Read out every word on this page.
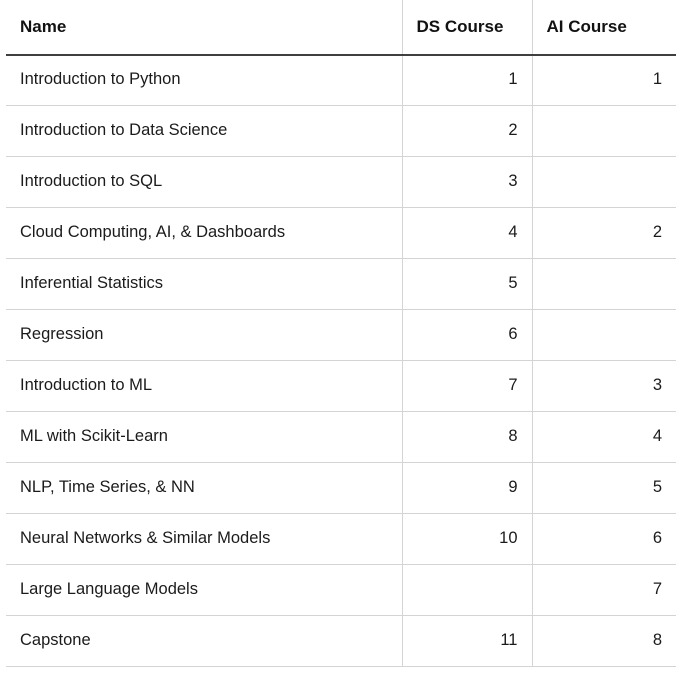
Name	DS Course	AI Course
Introduction to Python	1	1
Introduction to Data Science	2	
Introduction to SQL	3	
Cloud Computing, AI, & Dashboards	4	2
Inferential Statistics	5	
Regression	6	
Introduction to ML	7	3
ML with Scikit-Learn	8	4
NLP, Time Series, & NN	9	5
Neural Networks & Similar Models	10	6
Large Language Models		7
Capstone	11	8
